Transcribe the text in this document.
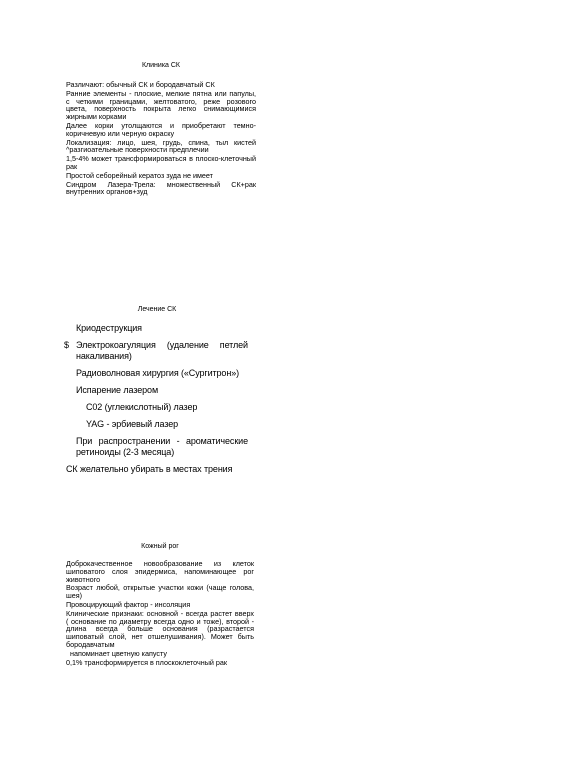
Клиника СК

Различают: обычный СК и бородавчатый СК

Ранние элементы - плоские, мелкие пятна или папулы, с четкими границами, желтоватого, реже розового цвета, поверхность покрыта легко снимающимися жирными корками

Далее корки утолщаются и приобретают темно- коричневую или черную окраску

Локализация: лицо, шея, грудь, спина, тыл кистей ^разгиоательные поверхности предплечии

1,5-4% может трансформироваться в плоско-клеточный рак

Простой себорейный кератоз зуда не имеет

Синдром Лазера-Трела: множественный СК+рак внутренних органов+зуд

Лечение СК

Криодеструкция

$ Электрокоагуляция (удаление петлей накаливания)

Радиоволновая хирургия («Сургитрон»)

Испарение лазером

С02 (углекислотный) лазер

YAG - эрбиевый лазер

При распространении - ароматические ретиноиды (2-3 месяца)

СК желательно убирать в местах трения

Кожный рог

Доброкачественное новообразование из клеток шиповатого слоя эпидермиса, напоминающее рог животного

Возраст любой, открытые участки кожи (чаще голова, шея)

Провоцирующий фактор - инсоляция

Клинические признаки: основной - всегда растет вверх ( основание по диаметру всегда одно и тоже), второй - длина всегда больше основания (разрастается шиповатый слой, нет отшелушивания). Может быть бородавчатым

напоминает цветную капусту

0,1% трансформируется в плоскоклеточный рак
